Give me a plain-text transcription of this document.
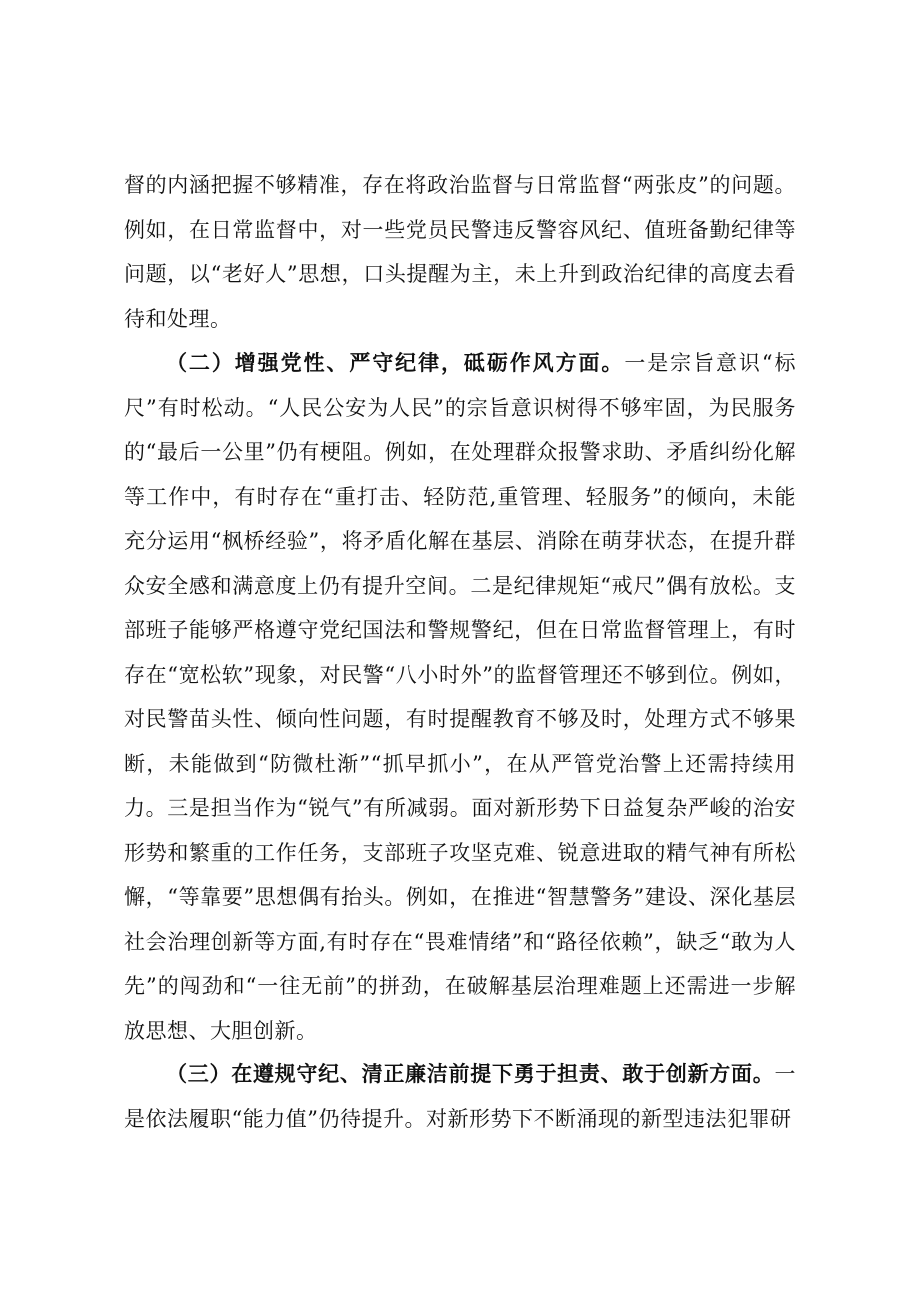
督的内涵把握不够精准，存在将政治监督与日常监督“两张皮”的问题。例如，在日常监督中，对一些党员民警违反警容风纪、值班备勤纪律等问题，以“老好人”思想，口头提醒为主，未上升到政治纪律的高度去看待和处理。

（二）增强党性、严守纪律，砥砺作风方面。一是宗旨意识“标尺”有时松动。“人民公安为人民”的宗旨意识树得不够牢固，为民服务的“最后一公里”仍有梗阻。例如，在处理群众报警求助、矛盾纠纷化解等工作中，有时存在“重打击、轻防范,重管理、轻服务”的倾向，未能充分运用“枫桥经验”，将矛盾化解在基层、消除在萌芽状态，在提升群众安全感和满意度上仍有提升空间。二是纪律规矩“戒尺”偶有放松。支部班子能够严格遵守党纪国法和警规警纪，但在日常监督管理上，有时存在“宽松软”现象，对民警“八小时外”的监督管理还不够到位。例如，对民警苗头性、倾向性问题，有时提醒教育不够及时，处理方式不够果断，未能做到“防微杜渐”“抓早抓小”，在从严管党治警上还需持续用力。三是担当作为“锐气”有所减弱。面对新形势下日益复杂严峻的治安形势和繁重的工作任务，支部班子攻坚克难、锐意进取的精气神有所松懈，“等靠要”思想偶有抬头。例如，在推进“智慧警务”建设、深化基层社会治理创新等方面,有时存在“畏难情绪”和“路径依赖”，缺乏“敢为人先”的闯劲和“一往无前”的拼劲，在破解基层治理难题上还需进一步解放思想、大胆创新。

（三）在遵规守纪、清正廉洁前提下勇于担责、敢于创新方面。一是依法履职“能力值”仍待提升。对新形势下不断涌现的新型违法犯罪研
